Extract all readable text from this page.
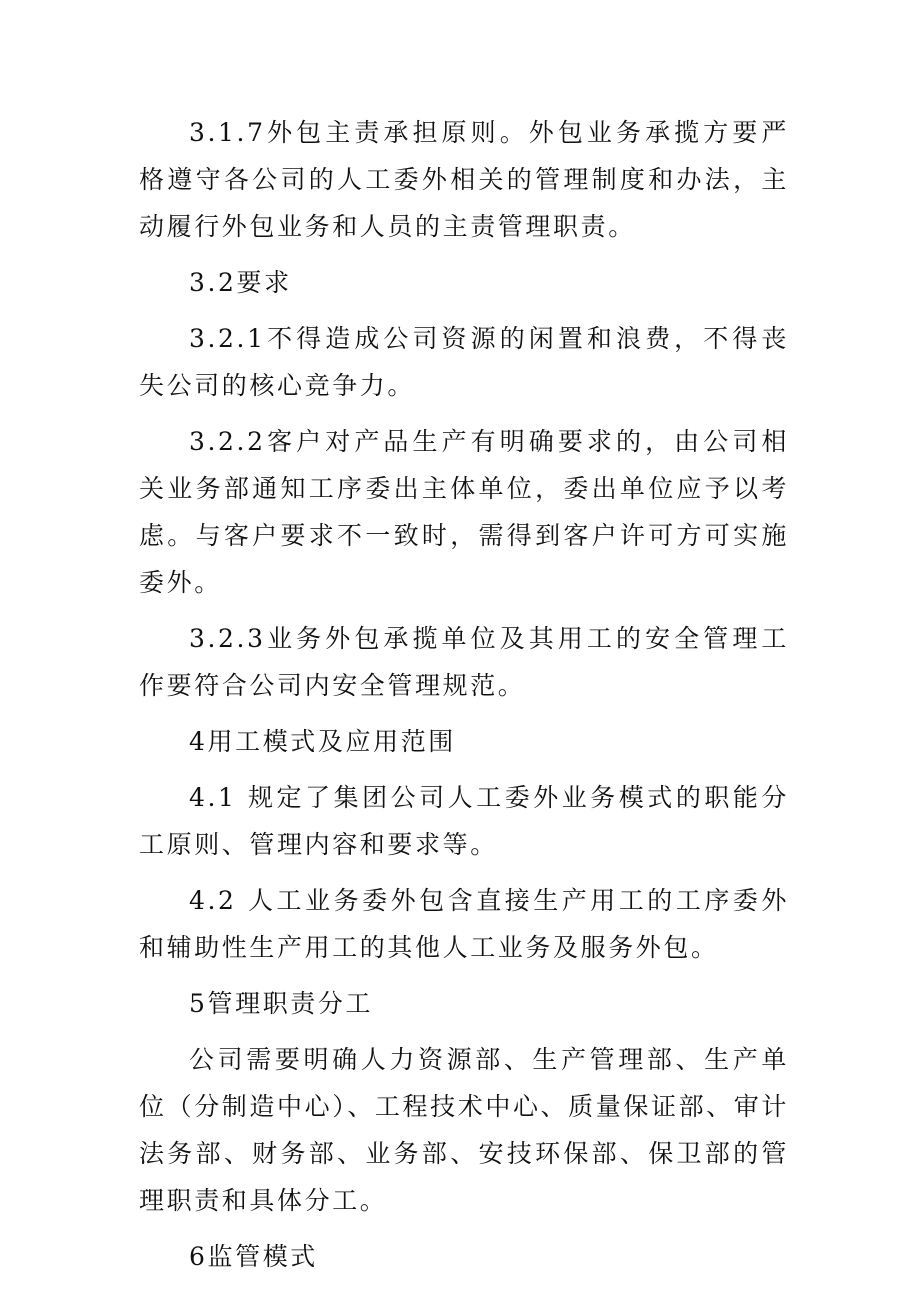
3.1.7外包主责承担原则。外包业务承揽方要严格遵守各公司的人工委外相关的管理制度和办法，主动履行外包业务和人员的主责管理职责。

3.2要求

3.2.1不得造成公司资源的闲置和浪费，不得丧失公司的核心竞争力。

3.2.2客户对产品生产有明确要求的，由公司相关业务部通知工序委出主体单位，委出单位应予以考虑。与客户要求不一致时，需得到客户许可方可实施委外。

3.2.3业务外包承揽单位及其用工的安全管理工作要符合公司内安全管理规范。

4用工模式及应用范围

4.1 规定了集团公司人工委外业务模式的职能分工原则、管理内容和要求等。

4.2 人工业务委外包含直接生产用工的工序委外和辅助性生产用工的其他人工业务及服务外包。

5管理职责分工

公司需要明确人力资源部、生产管理部、生产单位（分制造中心）、工程技术中心、质量保证部、审计法务部、财务部、业务部、安技环保部、保卫部的管理职责和具体分工。

6监管模式
